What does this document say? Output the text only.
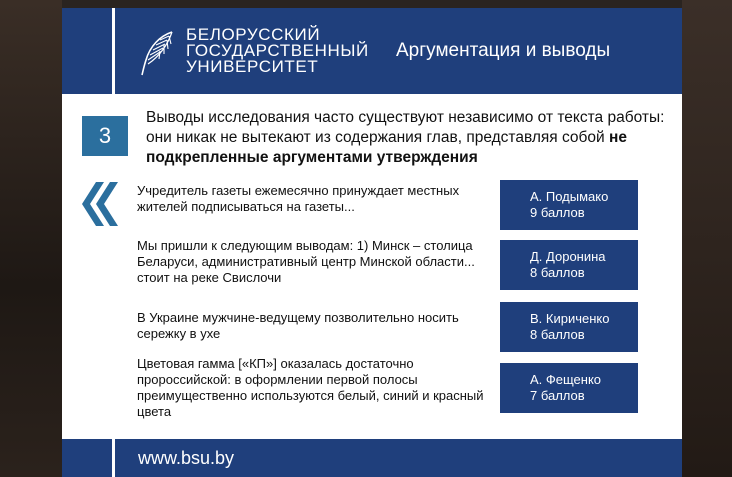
БЕЛОРУССКИЙ
ГОСУДАРСТВЕННЫЙ
УНИВЕРСИТЕТ
Аргументация и выводы
3
Выводы исследования часто существуют независимо от текста работы: они никак не вытекают из содержания глав, представляя собой не подкрепленные аргументами утверждения
Учредитель газеты ежемесячно принуждает местных жителей подписываться на газеты...
А. Подымако
9 баллов
Мы пришли к следующим выводам: 1) Минск – столица Беларуси, административный центр Минской области... стоит на реке Свислочи
Д. Доронина
8 баллов
В Украине мужчине-ведущему позволительно носить сережку в ухе
В. Кириченко
8 баллов
Цветовая гамма [«КП»] оказалась достаточно пророссийской: в оформлении первой полосы преимущественно используются белый, синий и красный цвета
А. Фещенко
7 баллов
www.bsu.by
